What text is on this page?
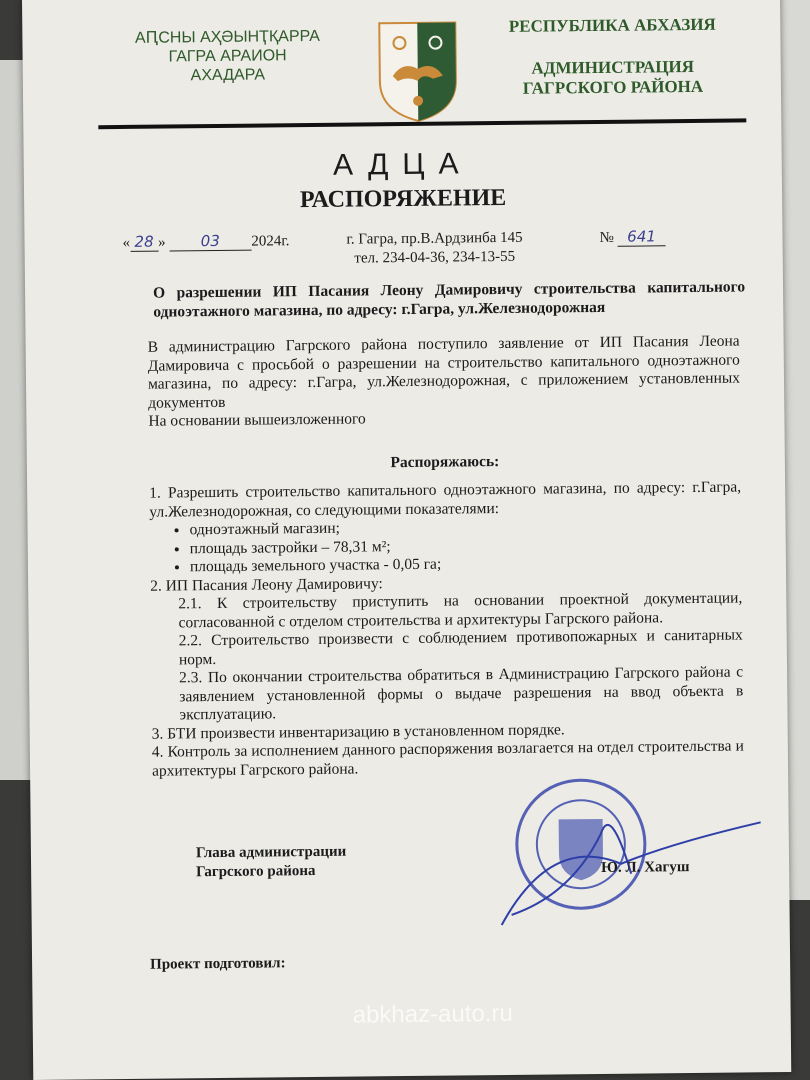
АԤСНЫ АҲӘЫНҬҚАРРА
ГАГРА АРАИОН
АХАДАРА
РЕСПУБЛИКА АБХАЗИЯ
АДМИНИСТРАЦИЯ
ГАГРСКОГО РАЙОНА
АДЦА
РАСПОРЯЖЕНИЕ
« 28 » 03 2024г.	г. Гагра, пр.В.Ардзинба 145
тел. 234-04-36, 234-13-55
№ 641
О разрешении ИП Пасания Леону Дамировичу строительства капитального одноэтажного магазина, по адресу: г.Гагра, ул.Железнодорожная
В администрацию Гагрского района поступило заявление от ИП Пасания Леона Дамировича с просьбой о разрешении на строительство капитального одноэтажного магазина, по адресу: г.Гагра, ул.Железнодорожная, с приложением установленных документов
На основании вышеизложенного
Распоряжаюсь:
1. Разрешить строительство капитального одноэтажного магазина, по адресу: г.Гагра, ул.Железнодорожная, со следующими показателями:
• одноэтажный магазин;
• площадь застройки – 78,31 м²;
• площадь земельного участка - 0,05 га;
2. ИП Пасания Леону Дамировичу:
2.1. К строительству приступить на основании проектной документации, согласованной с отделом строительства и архитектуры Гагрского района.
2.2. Строительство произвести с соблюдением противопожарных и санитарных норм.
2.3. По окончании строительства обратиться в Администрацию Гагрского района с заявлением установленной формы о выдаче разрешения на ввод объекта в эксплуатацию.
3. БТИ произвести инвентаризацию в установленном порядке.
4. Контроль за исполнением данного распоряжения возлагается на отдел строительства и архитектуры Гагрского района.
Глава администрации
Гагрского района	Ю. Л. Хагуш
Проект подготовил:
abkhaz-auto.ru
